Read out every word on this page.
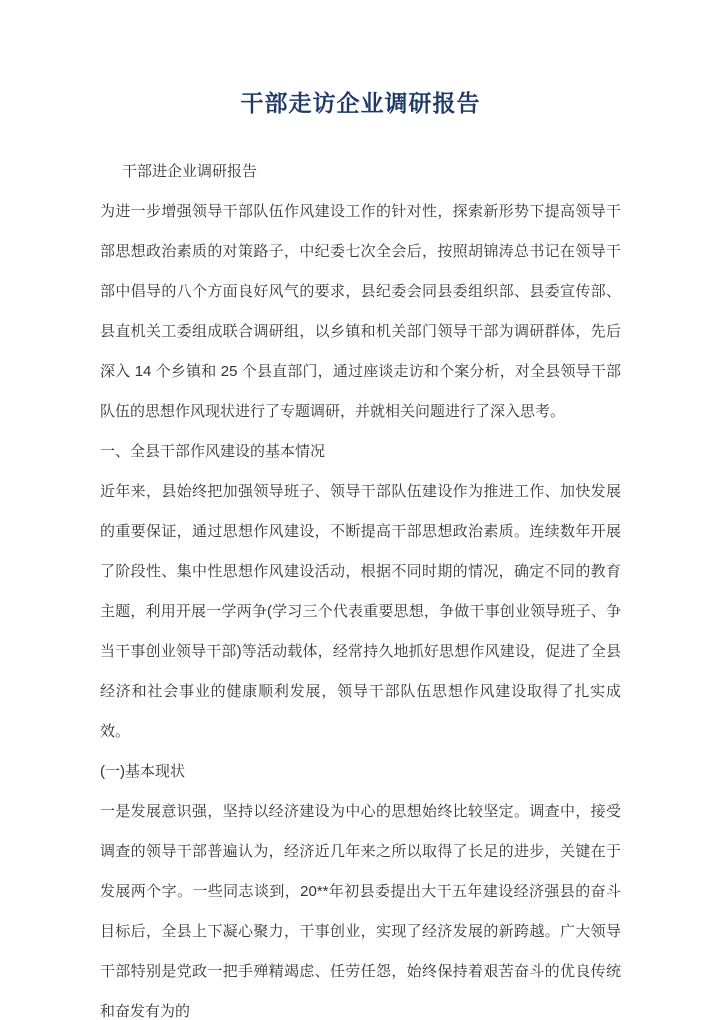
干部走访企业调研报告

干部进企业调研报告

为进一步增强领导干部队伍作风建设工作的针对性，探索新形势下提高领导干部思想政治素质的对策路子，中纪委七次全会后，按照胡锦涛总书记在领导干部中倡导的八个方面良好风气的要求，县纪委会同县委组织部、县委宣传部、县直机关工委组成联合调研组，以乡镇和机关部门领导干部为调研群体，先后深入 14 个乡镇和 25 个县直部门，通过座谈走访和个案分析，对全县领导干部队伍的思想作风现状进行了专题调研，并就相关问题进行了深入思考。

一、全县干部作风建设的基本情况

近年来，县始终把加强领导班子、领导干部队伍建设作为推进工作、加快发展的重要保证，通过思想作风建设，不断提高干部思想政治素质。连续数年开展了阶段性、集中性思想作风建设活动，根据不同时期的情况，确定不同的教育主题，利用开展一学两争(学习三个代表重要思想，争做干事创业领导班子、争当干事创业领导干部)等活动载体，经常持久地抓好思想作风建设，促进了全县经济和社会事业的健康顺利发展，领导干部队伍思想作风建设取得了扎实成效。

(一)基本现状

一是发展意识强，坚持以经济建设为中心的思想始终比较坚定。调查中，接受调查的领导干部普遍认为，经济近几年来之所以取得了长足的进步，关键在于发展两个字。一些同志谈到，20**年初县委提出大干五年建设经济强县的奋斗目标后，全县上下凝心聚力，干事创业，实现了经济发展的新跨越。广大领导干部特别是党政一把手殚精竭虑、任劳任怨，始终保持着艰苦奋斗的优良传统和奋发有为的
